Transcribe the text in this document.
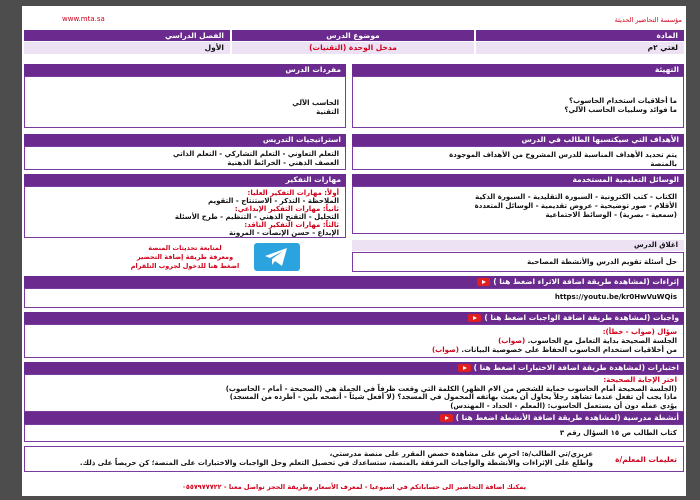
مؤسسة التحاضير الحديثة
www.mta.sa
المادة
موضوع الدرس
الفصل الدراسي
لغتي ٢م
مدخل الوحدة (التقنيات)
الأول
التهيئة
ما أخلاقيات استخدام الحاسوب؟
ما فوائد وسلبيات الحاسب الآلي؟
مفردات الدرس
الحاسب الآلي
التقنية
الأهداف التي سيكتسبها الطالب في الدرس
يتم تحديد الأهداف المناسبة للدرس المشروح من الأهداف الموجودة
بالمنصة
استراتيجيات التدريس
التعلم التعاوني - التعلم التشاركي - التعلم الذاتي
العصف الذهني - الخرائط الذهنية
الوسائل التعليمية المستخدمة
الكتاب - كتب الكترونية - السبورة التقليدية - السبورة الذكية
الأقلام - صور توضيحية - عروض تقديمية - الوسائل المتعددة
(سمعية - بصرية) - الوسائط الاجتماعية
مهارات التفكير
أولاً: مهارات التفكير العليا:
الملاحظة - التذكر - الاستنتاج - التقويم
ثانياً: مهارات التفكير الإبداعي:
التحليل - التقنح الذهني - التنظيم - طرح الأسئلة
ثالثاً: مهارات التفكير الناقد:
الإبداع - حسن الإنصات - المرونة
لمتابعة تحديثات المنصة
ومعرفة طريقة إضافة التحضير
اضغط هنا للدخول لجروب التلقرام
اغلاق الدرس
حل أسئلة تقويم الدرس والأنشطة المصاحبة
إثراءات (لمشاهدة طريقة اضافة الاثراء اضغط هنا )
https://youtu.be/kr0HwVuWQis
واجبات (لمشاهدة طريقة اضافة الواجبات اضغط هنا )
سؤال (صواب - خطأ):
الجلسة الصحيحة بداية التعامل مع الحاسوب. (صواب)
من أخلاقيات استخدام الحاسوب الحفاظ على خصوصية البيانات. (صواب)
اختبارات (لمشاهدة طريقة اضافة الاختبارات اضغط هنا )
اختر الإجابة الصحيحة:
(الجلسة الصحيحة أمام الحاسوب حماية للشخص من الام الظهر) الكلمة التي وقعت ظرفاً في الجملة هي (الصحيحة - أمام - الحاسوب)
ماذا يجب أن تفعل عندما تشاهد رجلاً يحاول أن يعبث بهاتفه المحمول في المسجد؟ (لا أفعل شيئاً - أنصحه بلين - أطرده من المسجد)
يؤدي عمله دون أن يستعمل الحاسوب: (المعلم - الحداد - المهندس)
أنشطة مدرسية (لمشاهدة طريقة اضافة الأنشطة اضغط هنا )
كتاب الطالب ص ١٥ السؤال رقم ٣
تعليمات المعلم/ة
عزيزي/تي الطالب/ة: احرص على مشاهدة حصص المقرر على منصة مدرستي،
واطلع على الإثراءات والأنشطة والواجبات المرفقة بالمنصة، ستساعدك في تحصيل التعلم وحل الواجبات والاختبارات على المنصة؛ كن حريصاً على ذلك.
يمكنك اضافة التحاضير الى حساباتكم في اسبوعيا - لمعرف الأسعار وطريقة الحجز تواصل معنا - ٠٥٥٧٩٧٧٧٢٢
